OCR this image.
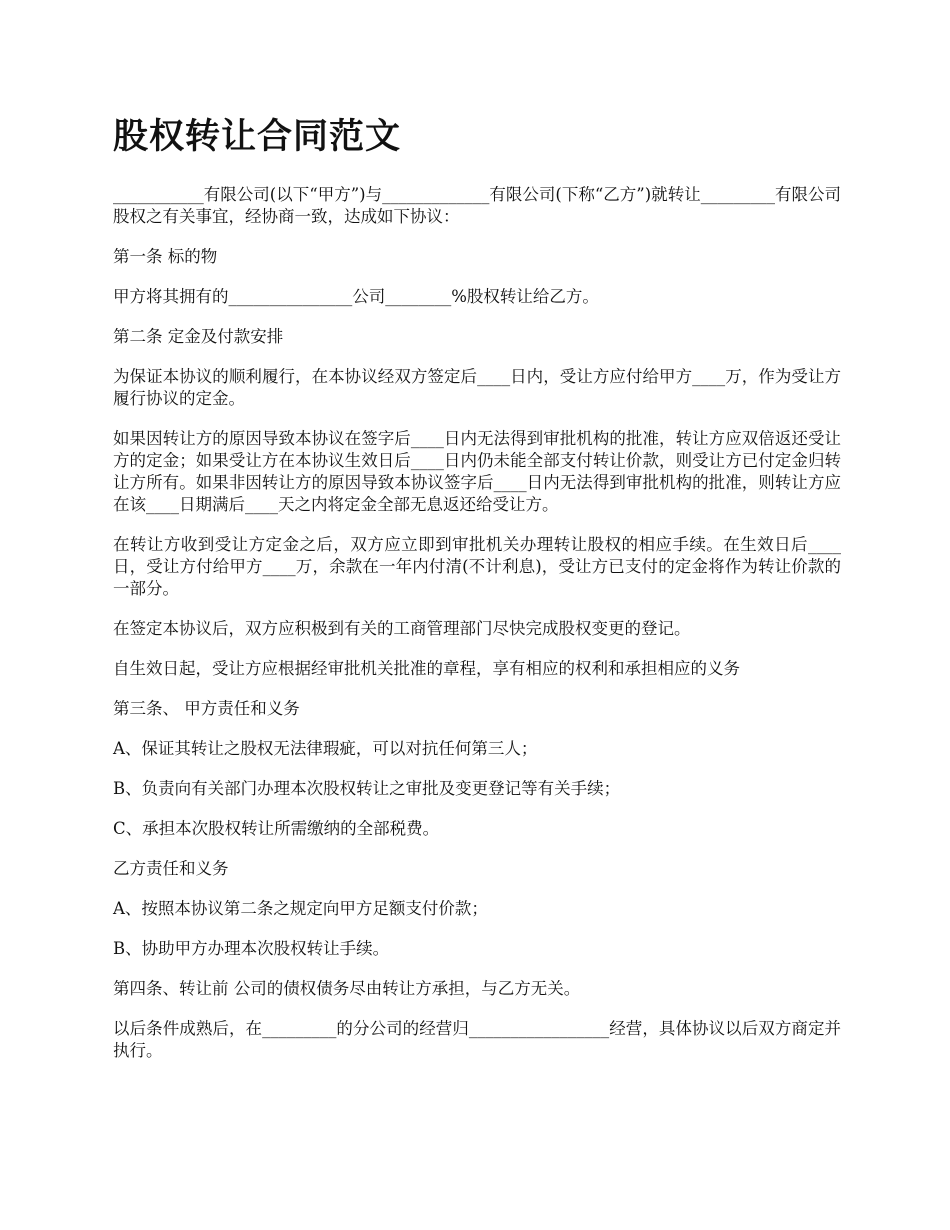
股权转让合同范文

___________有限公司(以下“甲方”)与_____________有限公司(下称“乙方”)就转让_________有限公司股权之有关事宜，经协商一致，达成如下协议：

第一条 标的物

甲方将其拥有的_______________公司________%股权转让给乙方。

第二条 定金及付款安排

为保证本协议的顺利履行，在本协议经双方签定后____日内，受让方应付给甲方____万，作为受让方履行协议的定金。

如果因转让方的原因导致本协议在签字后____日内无法得到审批机构的批准，转让方应双倍返还受让方的定金；如果受让方在本协议生效日后____日内仍未能全部支付转让价款，则受让方已付定金归转让方所有。如果非因转让方的原因导致本协议签字后____日内无法得到审批机构的批准，则转让方应在该____日期满后____天之内将定金全部无息返还给受让方。

在转让方收到受让方定金之后，双方应立即到审批机关办理转让股权的相应手续。在生效日后____日，受让方付给甲方____万，余款在一年内付清(不计利息)，受让方已支付的定金将作为转让价款的一部分。

在签定本协议后，双方应积极到有关的工商管理部门尽快完成股权变更的登记。

自生效日起，受让方应根据经审批机关批准的章程，享有相应的权利和承担相应的义务

第三条、 甲方责任和义务

A、保证其转让之股权无法律瑕疵，可以对抗任何第三人；

B、负责向有关部门办理本次股权转让之审批及变更登记等有关手续；

C、承担本次股权转让所需缴纳的全部税费。

乙方责任和义务

A、按照本协议第二条之规定向甲方足额支付价款；

B、协助甲方办理本次股权转让手续。

第四条、转让前 公司的债权债务尽由转让方承担，与乙方无关。

以后条件成熟后，在_________的分公司的经营归_________________经营，具体协议以后双方商定并执行。
